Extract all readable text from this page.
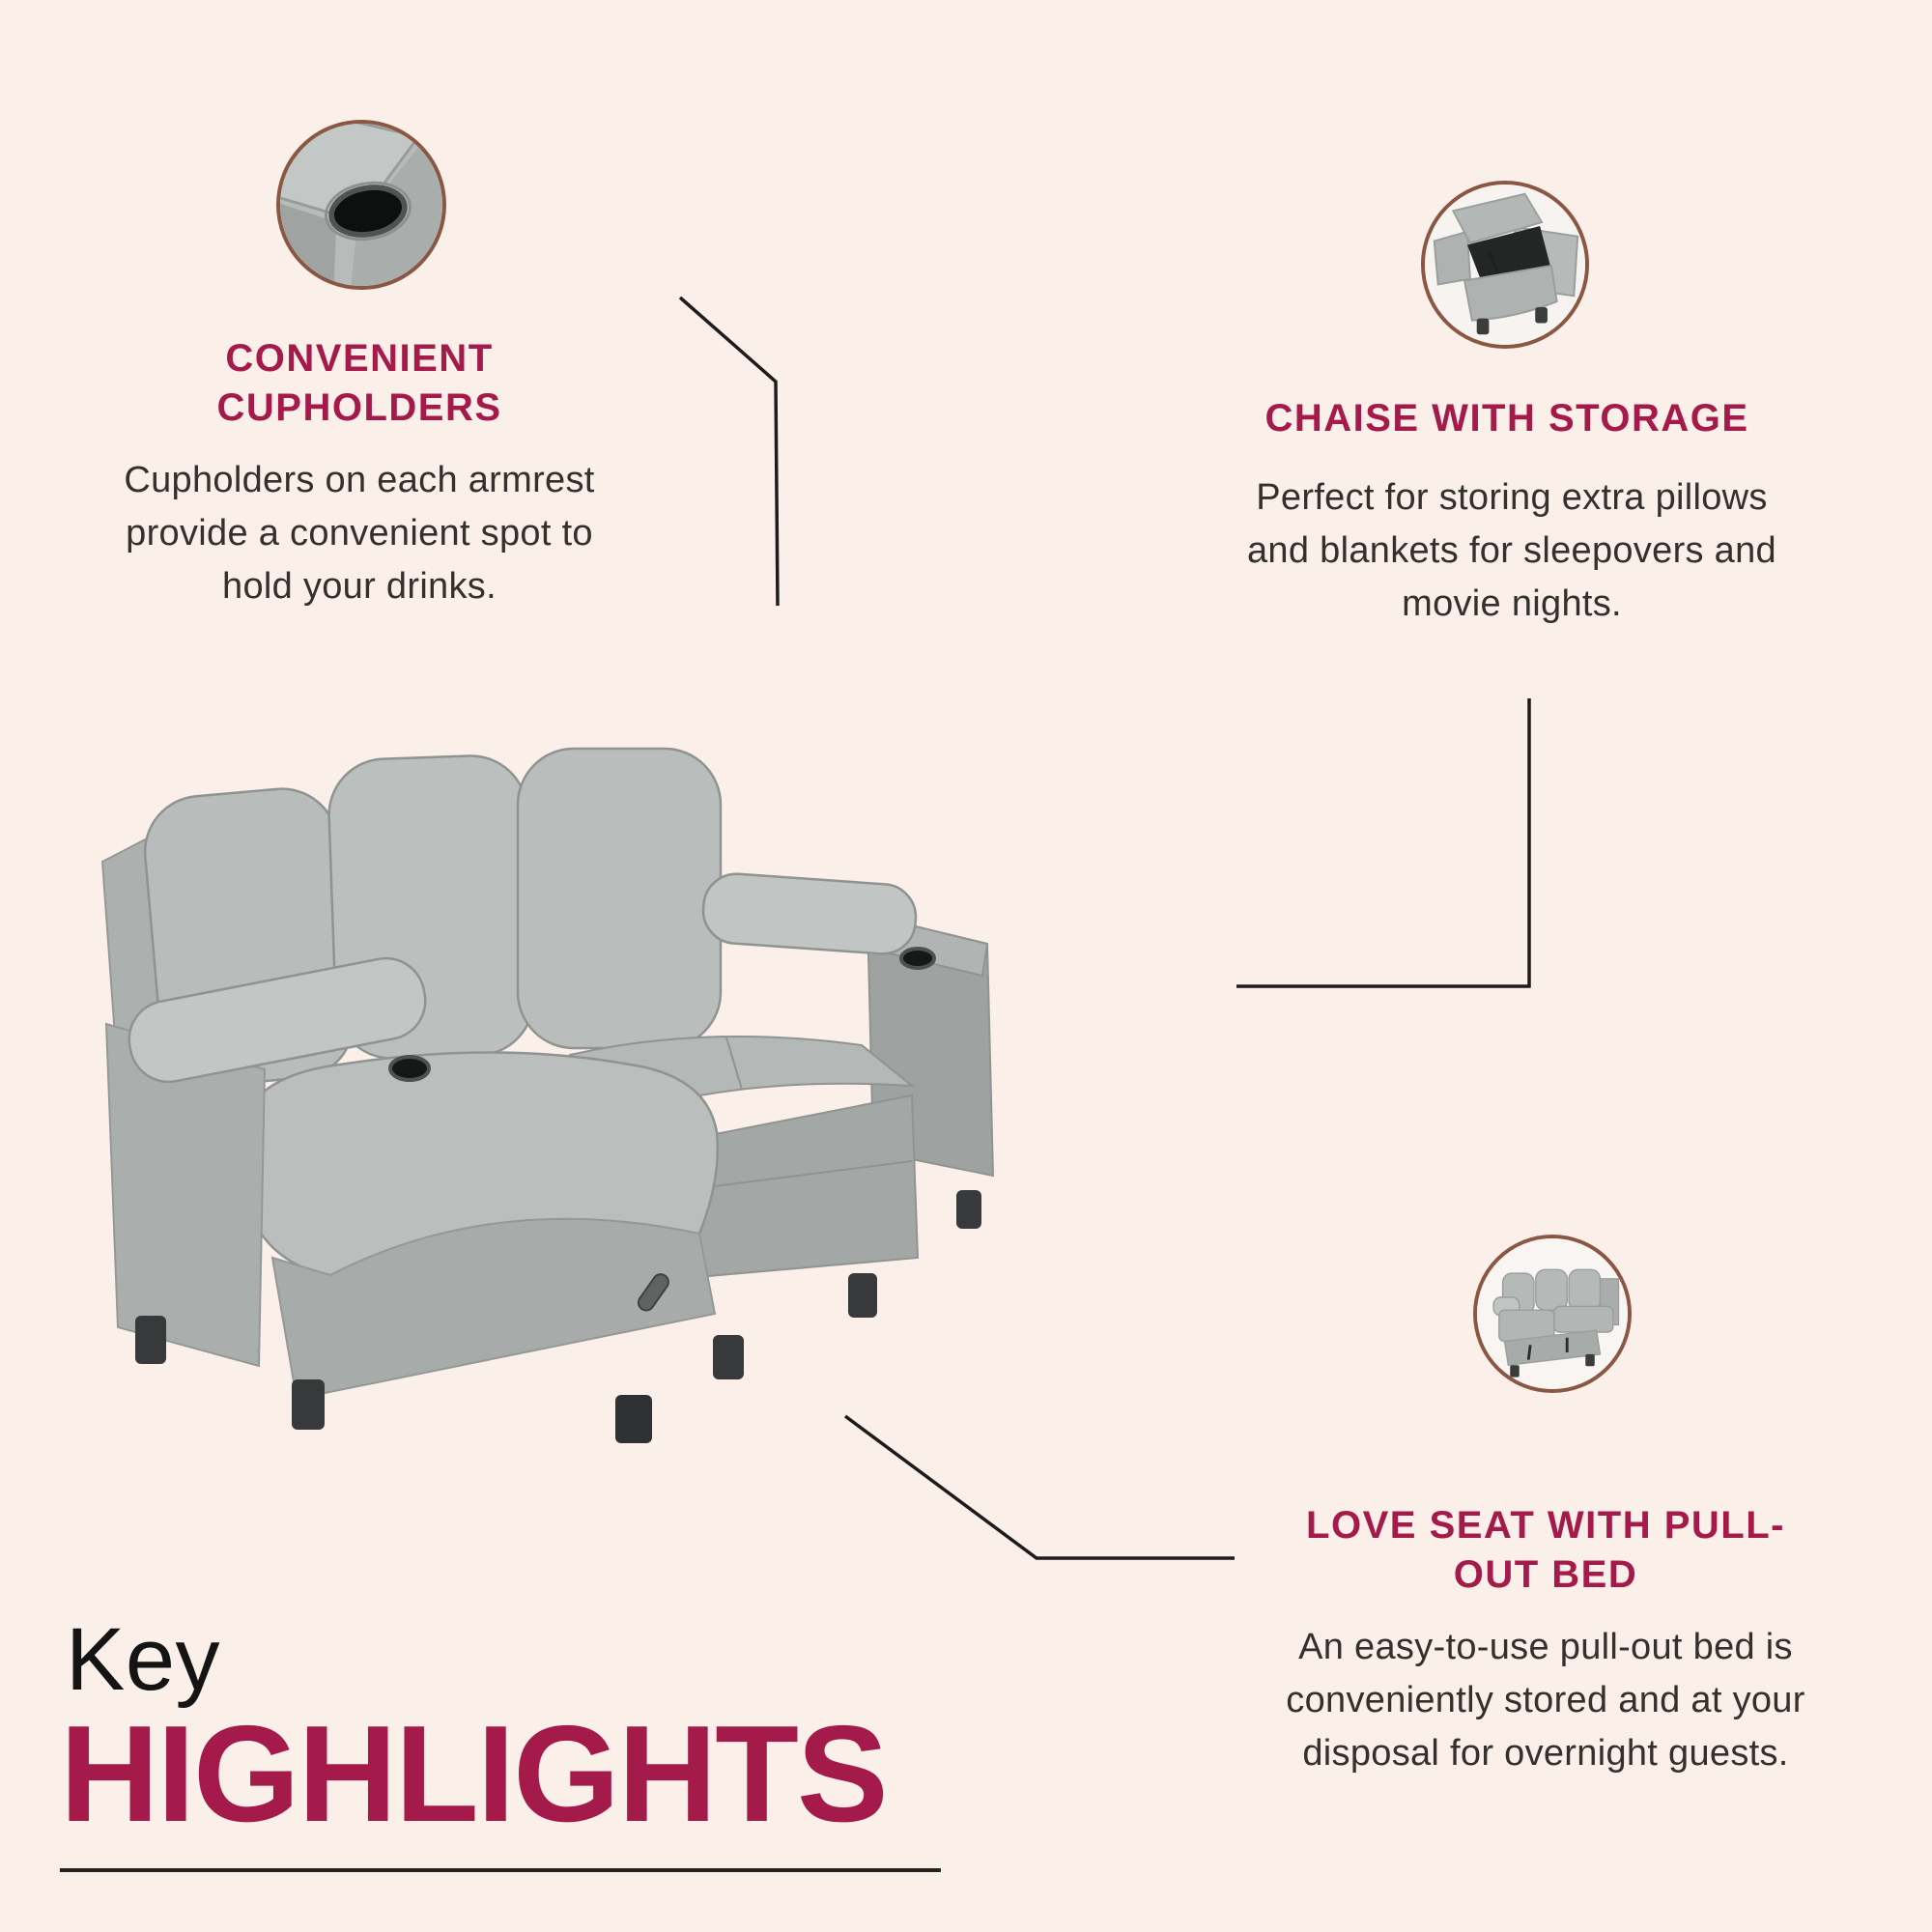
CONVENIENT
CUPHOLDERS
Cupholders on each armrest
provide a convenient spot to
hold your drinks.
CHAISE WITH STORAGE
Perfect for storing extra pillows
and blankets for sleepovers and
movie nights.
LOVE SEAT WITH PULL-
OUT BED
An easy-to-use pull-out bed is
conveniently stored and at your
disposal for overnight guests.
Key
HIGHLIGHTS
